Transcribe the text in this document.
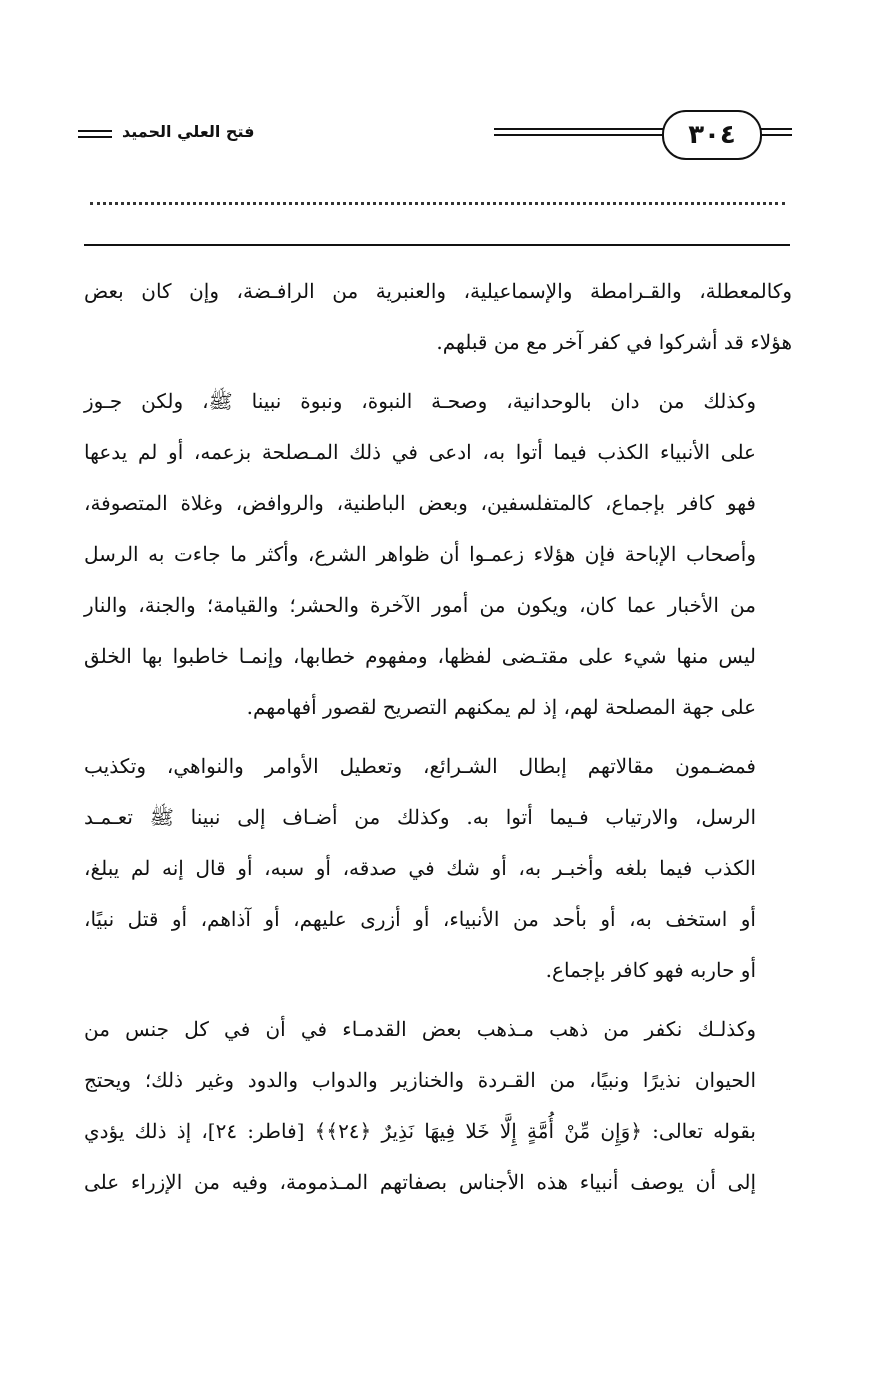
فتح العلي الحميد	٣٠٤
وكالمعطلة، والقـرامطة والإسماعيلية، والعنبرية من الرافـضة، وإن كان بعض
هؤلاء قد أشركوا في كفر آخر مع من قبلهم.
وكذلك من دان بالوحدانية، وصحـة النبوة، ونبوة نبينا ﷺ، ولكن جـوز
على الأنبياء الكذب فيما أتوا به، ادعى في ذلك المـصلحة بزعمه، أو لم يدعها
فهو كافر بإجماع، كالمتفلسفين، وبعض الباطنية، والروافض، وغلاة المتصوفة،
وأصحاب الإباحة فإن هؤلاء زعمـوا أن ظواهر الشرع، وأكثر ما جاءت به الرسل
من الأخبار عما كان، ويكون من أمور الآخرة والحشر؛ والقيامة؛ والجنة، والنار
ليس منها شيء على مقتـضى لفظها، ومفهوم خطابها، وإنمـا خاطبوا بها الخلق
على جهة المصلحة لهم، إذ لم يمكنهم التصريح لقصور أفهامهم.
فمضـمون مقالاتهم إبطال الشـرائع، وتعطيل الأوامر والنواهي، وتكذيب
الرسل، والارتياب فـيما أتوا به. وكذلك من أضـاف إلى نبينا ﷺ تعـمـد
الكذب فيما بلغه وأخبـر به، أو شك في صدقه، أو سبه، أو قال إنه لم يبلغ،
أو استخف به، أو بأحد من الأنبياء، أو أزرى عليهم، أو آذاهم، أو قتل نبيًا،
أو حاربه فهو كافر بإجماع.
وكذلـك نكفر من ذهب مـذهب بعض القدمـاء في أن في كل جنس من
الحيوان نذيرًا ونبيًا، من القـردة والخنازير والدواب والدود وغير ذلك؛ ويحتج
بقوله تعالى: ﴿وَإِن مِّنْ أُمَّةٍ إِلَّا خَلا فِيهَا نَذِيرٌ ﴿٢٤﴾﴾ [فاطر: ٢٤]، إذ ذلك يؤدي
إلى أن يوصف أنبياء هذه الأجناس بصفاتهم المـذمومة، وفيه من الإزراء على
